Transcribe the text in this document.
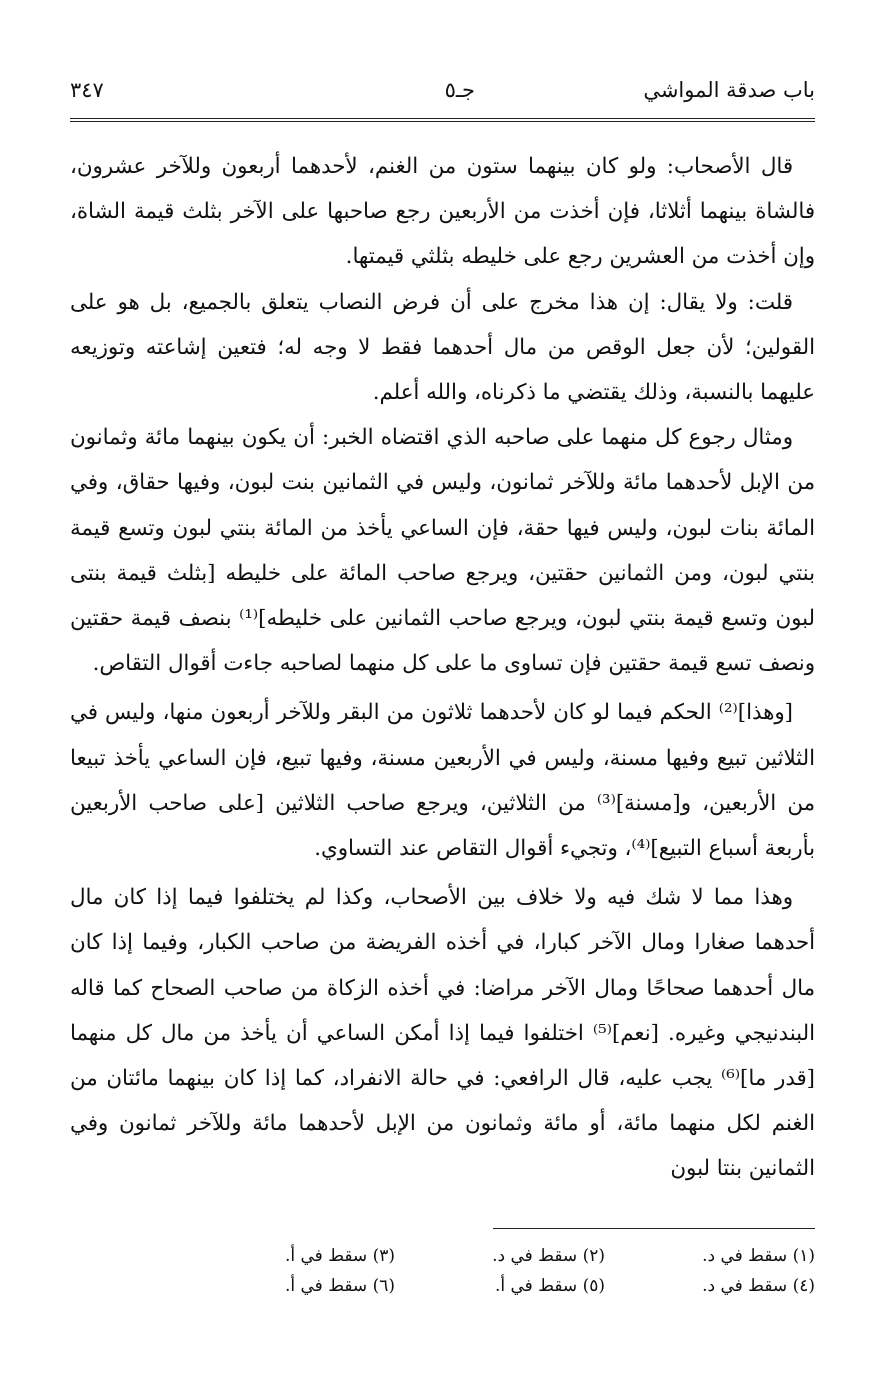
باب صدقة المواشي
جـ٥
٣٤٧

قال الأصحاب: ولو كان بينهما ستون من الغنم، لأحدهما أربعون وللآخر عشرون، فالشاة بينهما أثلاثا، فإن أخذت من الأربعين رجع صاحبها على الآخر بثلث قيمة الشاة، وإن أخذت من العشرين رجع على خليطه بثلثي قيمتها.

قلت: ولا يقال: إن هذا مخرج على أن فرض النصاب يتعلق بالجميع، بل هو على القولين؛ لأن جعل الوقص من مال أحدهما فقط لا وجه له؛ فتعين إشاعته وتوزيعه عليهما بالنسبة، وذلك يقتضي ما ذكرناه، والله أعلم.

ومثال رجوع كل منهما على صاحبه الذي اقتضاه الخبر: أن يكون بينهما مائة وثمانون من الإبل لأحدهما مائة وللآخر ثمانون، وليس في الثمانين بنت لبون، وفيها حقاق، وفي المائة بنات لبون، وليس فيها حقة، فإن الساعي يأخذ من المائة بنتي لبون وتسع قيمة بنتي لبون، ومن الثمانين حقتين، ويرجع صاحب المائة على خليطه [بثلث قيمة بنتى لبون وتسع قيمة بنتي لبون، ويرجع صاحب الثمانين على خليطه]⁽¹⁾ بنصف قيمة حقتين ونصف تسع قيمة حقتين فإن تساوى ما على كل منهما لصاحبه جاءت أقوال التقاص.

[وهذا]⁽²⁾ الحكم فيما لو كان لأحدهما ثلاثون من البقر وللآخر أربعون منها، وليس في الثلاثين تبيع وفيها مسنة، وليس في الأربعين مسنة، وفيها تبيع، فإن الساعي يأخذ تبيعا من الأربعين، و[مسنة]⁽³⁾ من الثلاثين، ويرجع صاحب الثلاثين [على صاحب الأربعين بأربعة أسباع التبيع]⁽⁴⁾، وتجيء أقوال التقاص عند التساوي.

وهذا مما لا شك فيه ولا خلاف بين الأصحاب، وكذا لم يختلفوا فيما إذا كان مال أحدهما صغارا ومال الآخر كبارا، في أخذه الفريضة من صاحب الكبار، وفيما إذا كان مال أحدهما صحاحًا ومال الآخر مراضا: في أخذه الزكاة من صاحب الصحاح كما قاله البندنيجي وغيره. [نعم]⁽⁵⁾ اختلفوا فيما إذا أمكن الساعي أن يأخذ من مال كل منهما [قدر ما]⁽⁶⁾ يجب عليه، قال الرافعي: في حالة الانفراد، كما إذا كان بينهما مائتان من الغنم لكل منهما مائة، أو مائة وثمانون من الإبل لأحدهما مائة وللآخر ثمانون وفي الثمانين بنتا لبون

(١) سقط في د.
(٢) سقط في د.
(٣) سقط في أ.
(٤) سقط في د.
(٥) سقط في أ.
(٦) سقط في أ.
